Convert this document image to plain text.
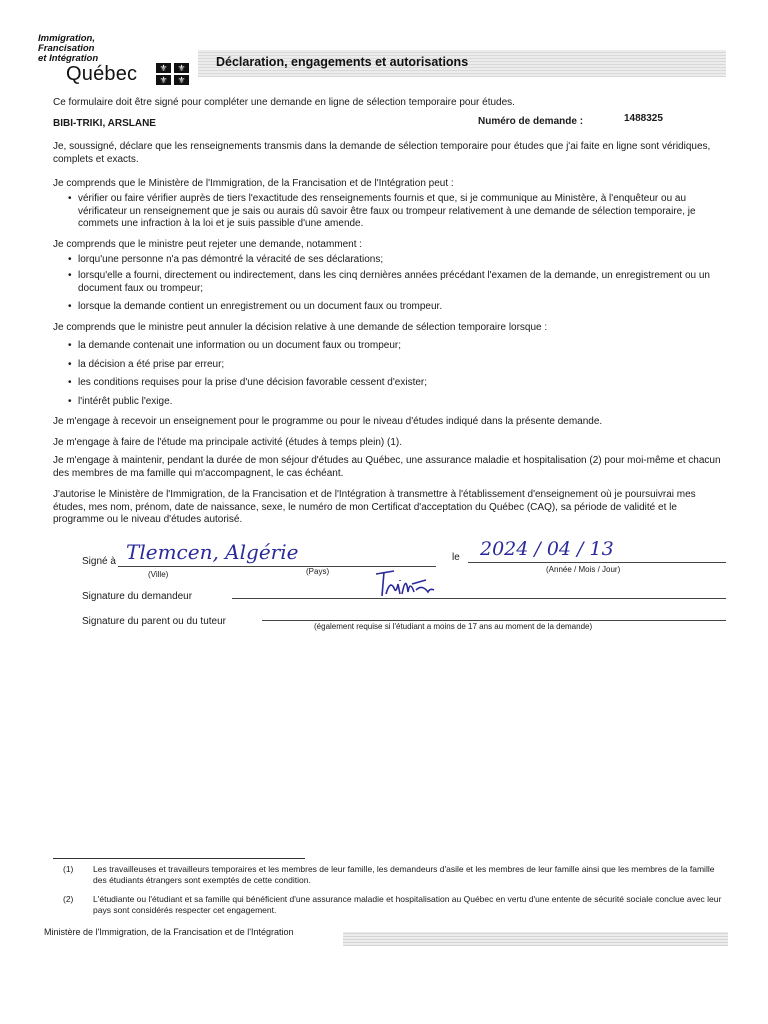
Immigration,
Francisation
et Intégration
Québec	⚜	⚜
⚜	⚜
Déclaration, engagements et autorisations
Ce formulaire doit être signé pour compléter une demande en ligne de sélection temporaire pour études.
BIBI-TRIKI, ARSLANE	Numéro de demande :	1488325
Je, soussigné, déclare que les renseignements transmis dans la demande de sélection temporaire pour études que j'ai faite en ligne sont véridiques, complets et exacts.
Je comprends que le Ministère de l'Immigration, de la Francisation et de l'Intégration peut :
• vérifier ou faire vérifier auprès de tiers l'exactitude des renseignements fournis et que, si je communique au Ministère, à l'enquêteur ou au vérificateur un renseignement que je sais ou aurais dû savoir être faux ou trompeur relativement à une demande de sélection temporaire, je commets une infraction à la loi et je suis passible d'une amende.
Je comprends que le ministre peut rejeter une demande, notamment :
• lorqu'une personne n'a pas démontré la véracité de ses déclarations;
• lorsqu'elle a fourni, directement ou indirectement, dans les cinq dernières années précédant l'examen de la demande, un enregistrement ou un document faux ou trompeur;
• lorsque la demande contient un enregistrement ou un document faux ou trompeur.
Je comprends que le ministre peut annuler la décision relative à une demande de sélection temporaire lorsque :
• la demande contenait une information ou un document faux ou trompeur;
• la décision a été prise par erreur;
• les conditions requises pour la prise d'une décision favorable cessent d'exister;
• l'intérêt public l'exige.
Je m'engage à recevoir un enseignement pour le programme ou pour le niveau d'études indiqué dans la présente demande.
Je m'engage à faire de l'étude ma principale activité (études à temps plein) (1).
Je m'engage à maintenir, pendant la durée de mon séjour d'études au Québec, une assurance maladie et hospitalisation (2) pour moi-même et chacun des membres de ma famille qui m'accompagnent, le cas échéant.
J'autorise le Ministère de l'Immigration, de la Francisation et de l'Intégration à transmettre à l'établissement d'enseignement où je poursuivrai mes études, mes nom, prénom, date de naissance, sexe, le numéro de mon Certificat d'acceptation du Québec (CAQ), sa période de validité et le programme ou le niveau d'études autorisé.
Signé à Tlemcen, Algérie
(Ville)	(Pays)
le 2024 / 04 / 13
(Année / Mois / Jour)
Signature du demandeur
Signature du parent ou du tuteur	(également requise si l'étudiant a moins de 17 ans au moment de la demande)
(1) Les travailleuses et travailleurs temporaires et les membres de leur famille, les demandeurs d'asile et les membres de leur famille ainsi que les membres de la famille des étudiants étrangers sont exemptés de cette condition.
(2) L'étudiante ou l'étudiant et sa famille qui bénéficient d'une assurance maladie et hospitalisation au Québec en vertu d'une entente de sécurité sociale conclue avec leur pays sont considérés respecter cet engagement.
Ministère de l'Immigration, de la Francisation et de l'Intégration
